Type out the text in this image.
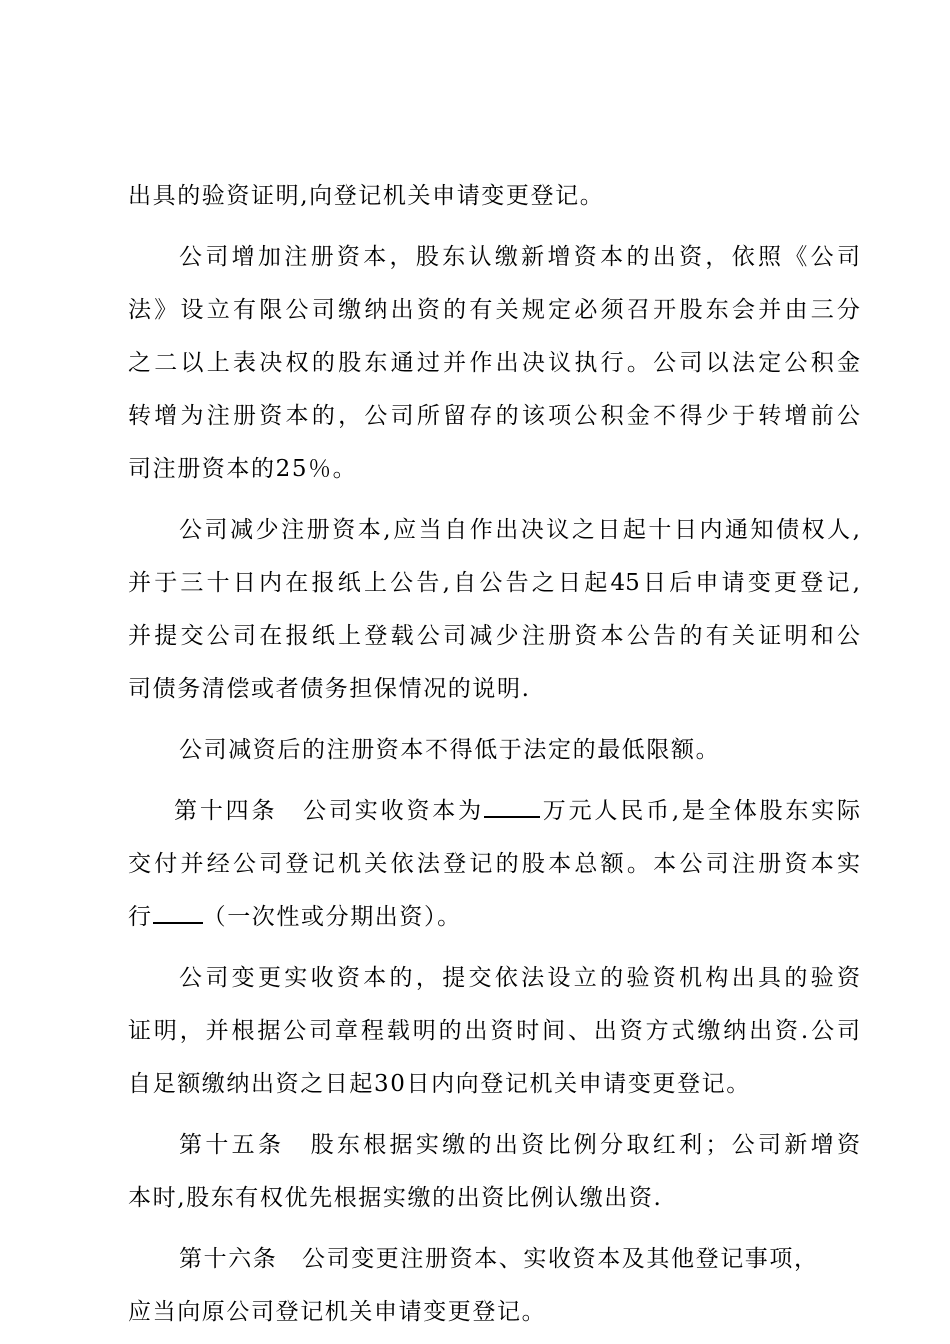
出具的验资证明,向登记机关申请变更登记。
公司增加注册资本，股东认缴新增资本的出资，依照《公司
法》设立有限公司缴纳出资的有关规定必须召开股东会并由三分
之二以上表决权的股东通过并作出决议执行。公司以法定公积金
转增为注册资本的，公司所留存的该项公积金不得少于转增前公
司注册资本的25％。
公司减少注册资本,应当自作出决议之日起十日内通知债权人,
并于三十日内在报纸上公告,自公告之日起45日后申请变更登记,
并提交公司在报纸上登载公司减少注册资本公告的有关证明和公
司债务清偿或者债务担保情况的说明.
公司减资后的注册资本不得低于法定的最低限额。
第十四条　公司实收资本为 万元人民币,是全体股东实际
交付并经公司登记机关依法登记的股本总额。本公司注册资本实
行 （一次性或分期出资）。
公司变更实收资本的，提交依法设立的验资机构出具的验资
证明，并根据公司章程载明的出资时间、出资方式缴纳出资.公司
自足额缴纳出资之日起30日内向登记机关申请变更登记。
第十五条　股东根据实缴的出资比例分取红利；公司新增资
本时,股东有权优先根据实缴的出资比例认缴出资.
第十六条　公司变更注册资本、实收资本及其他登记事项，
应当向原公司登记机关申请变更登记。
